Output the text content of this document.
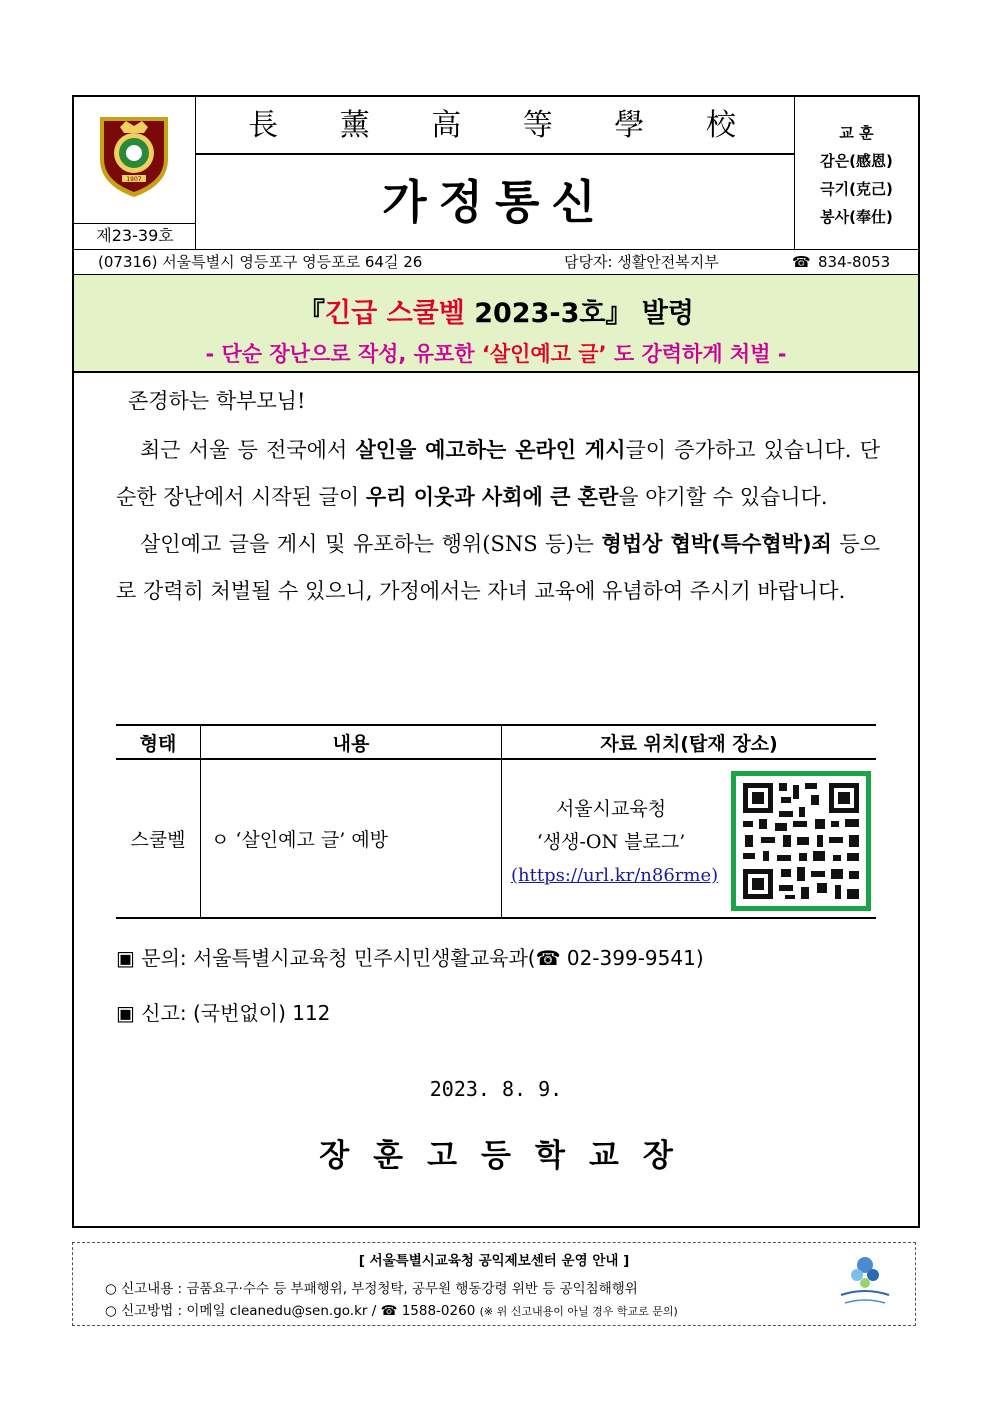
1907
제23-39호
長 薰 高 等 學 校
가정통신
교 훈
감은(感恩)
극기(克己)
봉사(奉仕)
(07316) 서울특별시 영등포구 영등포로 64길 26	담당자: 생활안전복지부	☎ 834-8053
『긴급 스쿨벨 2023-3호』 발령
- 단순 장난으로 작성, 유포한 ‘살인예고 글’ 도 강력하게 처벌 -

존경하는 학부모님!

최근 서울 등 전국에서 살인을 예고하는 온라인 게시글이 증가하고 있습니다. 단순한 장난에서 시작된 글이 우리 이웃과 사회에 큰 혼란을 야기할 수 있습니다.

살인예고 글을 게시 및 유포하는 행위(SNS 등)는 형법상 협박(특수협박)죄 등으로 강력히 처벌될 수 있으니, 가정에서는 자녀 교육에 유념하여 주시기 바랍니다.

형태	내용	자료 위치(탑재 장소)
스쿨벨	ㅇ ‘살인예고 글’ 예방	서울시교육청
‘생생-ON 블로그’
(https://url.kr/n86rme)
▣ 문의: 서울특별시교육청 민주시민생활교육과(☎ 02-399-9541)
▣ 신고: (국번없이) 112
2023. 8. 9.
장훈고등학교장
[ 서울특별시교육청 공익제보센터 운영 안내 ]
○ 신고내용 : 금품요구·수수 등 부패행위, 부정청탁, 공무원 행동강령 위반 등 공익침해행위
○ 신고방법 : 이메일 cleanedu@sen.go.kr / ☎ 1588-0260 (※ 위 신고내용이 아닐 경우 학교로 문의)
